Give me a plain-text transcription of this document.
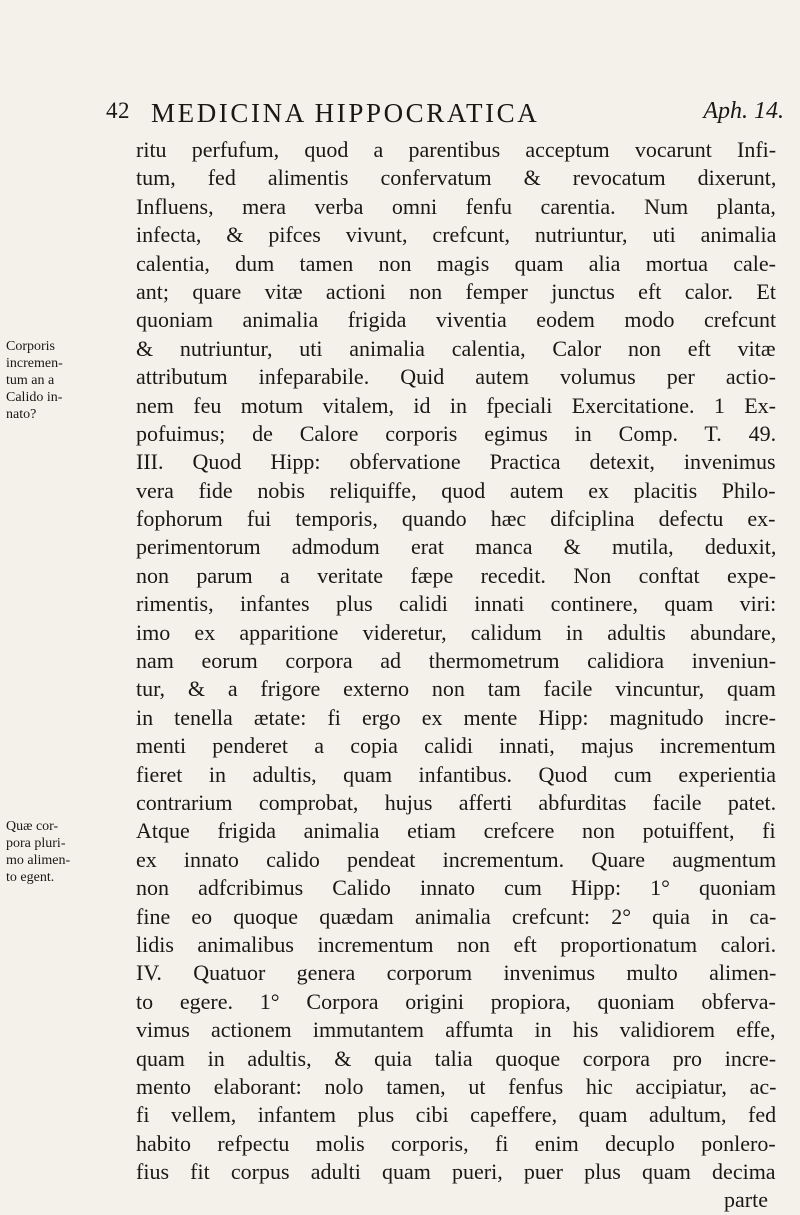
42 MEDICINA HIPPOCRATICA	Aph. 14.
Corporis
incremen-
tum an a
Calido in-
nato?
Quæ cor-
pora pluri-
mo alimen-
to egent.
ritu perfufum, quod a parentibus acceptum vocarunt Infi-
tum, fed alimentis confervatum & revocatum dixerunt,
Influens, mera verba omni fenfu carentia. Num planta,
infecta, & pifces vivunt, crefcunt, nutriuntur, uti animalia
calentia, dum tamen non magis quam alia mortua cale-
ant; quare vitæ actioni non femper junctus eft calor. Et
quoniam animalia frigida viventia eodem modo crefcunt
& nutriuntur, uti animalia calentia, Calor non eft vitæ
attributum infeparabile. Quid autem volumus per actio-
nem feu motum vitalem, id in fpeciali Exercitatione. 1 Ex-
pofuimus; de Calore corporis egimus in Comp. T. 49.
III. Quod Hipp: obfervatione Practica detexit, invenimus
vera fide nobis reliquiffe, quod autem ex placitis Philo-
fophorum fui temporis, quando hæc difciplina defectu ex-
perimentorum admodum erat manca & mutila, deduxit,
non parum a veritate fæpe recedit. Non conftat expe-
rimentis, infantes plus calidi innati continere, quam viri:
imo ex apparitione videretur, calidum in adultis abundare,
nam eorum corpora ad thermometrum calidiora inveniun-
tur, & a frigore externo non tam facile vincuntur, quam
in tenella ætate: fi ergo ex mente Hipp: magnitudo incre-
menti penderet a copia calidi innati, majus incrementum
fieret in adultis, quam infantibus. Quod cum experientia
contrarium comprobat, hujus afferti abfurditas facile patet.
Atque frigida animalia etiam crefcere non potuiffent, fi
ex innato calido pendeat incrementum. Quare augmentum
non adfcribimus Calido innato cum Hipp: 1° quoniam
fine eo quoque quædam animalia crefcunt: 2° quia in ca-
lidis animalibus incrementum non eft proportionatum calori.
IV. Quatuor genera corporum invenimus multo alimen-
to egere. 1° Corpora origini propiora, quoniam obferva-
vimus actionem immutantem affumta in his validiorem effe,
quam in adultis, & quia talia quoque corpora pro incre-
mento elaborant: nolo tamen, ut fenfus hic accipiatur, ac-
fi vellem, infantem plus cibi capeffere, quam adultum, fed
habito refpectu molis corporis, fi enim decuplo ponlero-
fius fit corpus adulti quam pueri, puer plus quam decima
parte
